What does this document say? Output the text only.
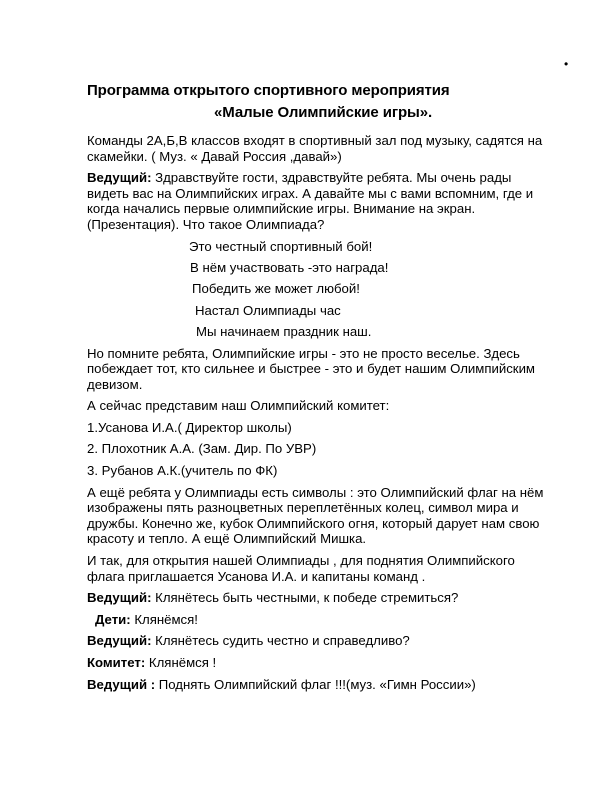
•
Программа открытого спортивного мероприятия
«Малые Олимпийские игры».

Команды 2А,Б,В классов входят в спортивный зал под музыку, садятся на скамейки. ( Муз. « Давай Россия ,давай»)

Ведущий: Здравствуйте гости, здравствуйте ребята. Мы очень рады видеть вас на Олимпийских играх. А давайте мы с вами вспомним, где и когда начались первые олимпийские игры. Внимание на экран. (Презентация). Что такое Олимпиада?

Это честный спортивный бой!
В нём участвовать -это награда!
Победить же может любой!
Настал Олимпиады час
Мы начинаем праздник наш.

Но помните ребята, Олимпийские игры - это не просто веселье. Здесь побеждает тот, кто сильнее и быстрее - это и будет нашим Олимпийским девизом.

А сейчас представим наш Олимпийский комитет:

1.Усанова И.А.( Директор школы)

2. Плохотник А.А. (Зам. Дир. По УВР)

3. Рубанов А.К.(учитель по ФК)

А ещё ребята у Олимпиады есть символы : это Олимпийский флаг на нём изображены пять разноцветных переплетённых колец, символ мира и дружбы. Конечно же, кубок Олимпийского огня, который дарует нам свою красоту и тепло. А ещё Олимпийский Мишка.

И так, для открытия нашей Олимпиады , для поднятия Олимпийского флага приглашается Усанова И.А. и капитаны команд .

Ведущий: Клянётесь быть честными, к победе стремиться?

Дети: Клянёмся!

Ведущий: Клянётесь судить честно и справедливо?

Комитет: Клянёмся !

Ведущий : Поднять Олимпийский флаг !!!(муз. «Гимн России»)
